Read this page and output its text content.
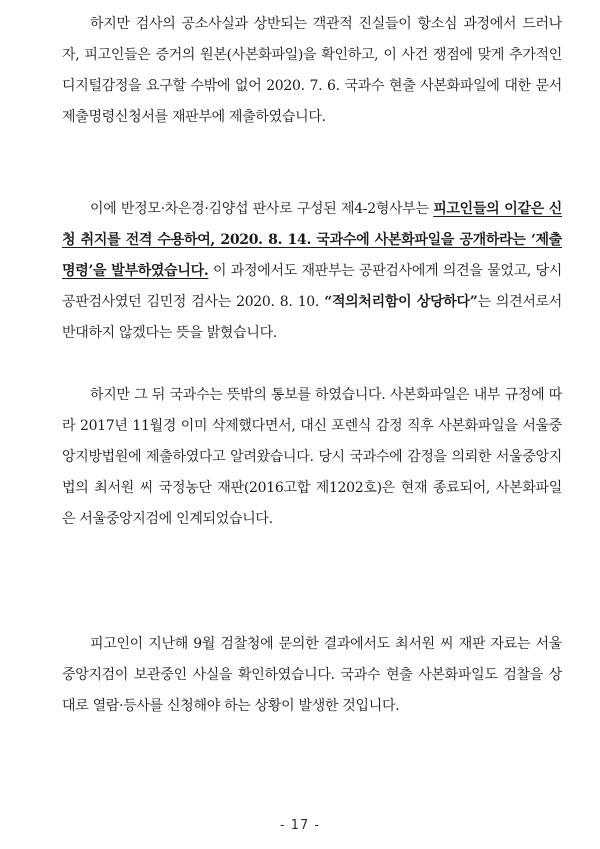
하지만 검사의 공소사실과 상반되는 객관적 진실들이 항소심 과정에서 드러나자, 피고인들은 증거의 원본(사본화파일)을 확인하고, 이 사건 쟁점에 맞게 추가적인 디지털감정을 요구할 수밖에 없어 2020. 7. 6. 국과수 현출 사본화파일에 대한 문서제출명령신청서를 재판부에 제출하였습니다.

이에 반정모·차은경·김양섭 판사로 구성된 제4-2형사부는 피고인들의 이같은 신청 취지를 전격 수용하여, 2020. 8. 14. 국과수에 사본화파일을 공개하라는 ‘제출명령’을 발부하였습니다. 이 과정에서도 재판부는 공판검사에게 의견을 물었고, 당시 공판검사였던 김민정 검사는 2020. 8. 10. “적의처리함이 상당하다”는 의견서로서 반대하지 않겠다는 뜻을 밝혔습니다.

하지만 그 뒤 국과수는 뜻밖의 통보를 하였습니다. 사본화파일은 내부 규정에 따라 2017년 11월경 이미 삭제했다면서, 대신 포렌식 감정 직후 사본화파일을 서울중앙지방법원에 제출하였다고 알려왔습니다. 당시 국과수에 감정을 의뢰한 서울중앙지법의 최서원 씨 국정농단 재판(2016고합 제1202호)은 현재 종료되어, 사본화파일은 서울중앙지검에 인계되었습니다.

피고인이 지난해 9월 검찰청에 문의한 결과에서도 최서원 씨 재판 자료는 서울중앙지검이 보관중인 사실을 확인하였습니다. 국과수 현출 사본화파일도 검찰을 상대로 열람·등사를 신청해야 하는 상황이 발생한 것입니다.

- 17 -
